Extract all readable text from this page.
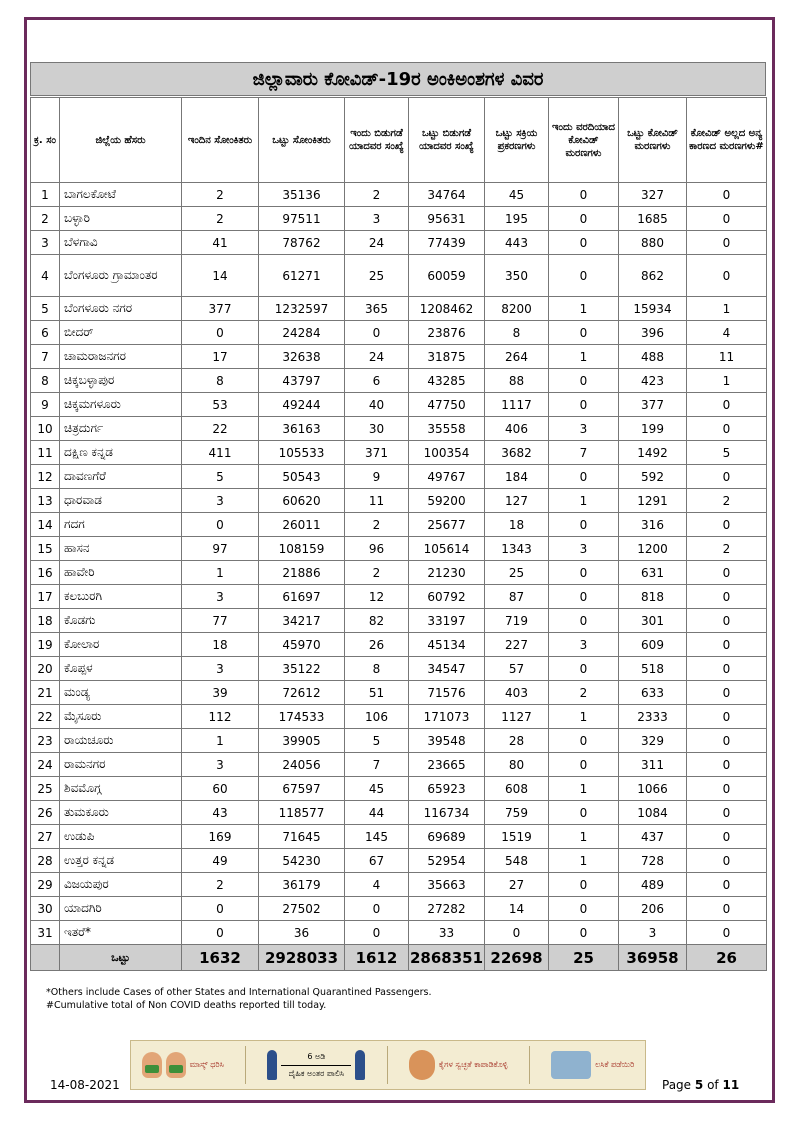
ಜಿಲ್ಲಾವಾರು ಕೋವಿಡ್-19ರ ಅಂಕಿಅಂಶಗಳ ವಿವರ
ಕ್ರ. ಸಂ	ಜಿಲ್ಲೆಯ ಹೆಸರು	ಇಂದಿನ ಸೋಂಕಿತರು	ಒಟ್ಟು ಸೋಂಕಿತರು	ಇಂದು ಬಿಡುಗಡೆ ಯಾದವರ ಸಂಖ್ಯೆ	ಒಟ್ಟು ಬಿಡುಗಡೆ ಯಾದವರ ಸಂಖ್ಯೆ	ಒಟ್ಟು ಸಕ್ರಿಯ ಪ್ರಕರಣಗಳು	ಇಂದು ವರದಿಯಾದ ಕೋವಿಡ್ ಮರಣಗಳು	ಒಟ್ಟು ಕೋವಿಡ್ ಮರಣಗಳು	ಕೋವಿಡ್ ಅಲ್ಲದ ಅನ್ಯ ಕಾರಣದ ಮರಣಗಳು#
1	ಬಾಗಲಕೋಟೆ	2	35136	2	34764	45	0	327	0
2	ಬಳ್ಳಾರಿ	2	97511	3	95631	195	0	1685	0
3	ಬೆಳಗಾವಿ	41	78762	24	77439	443	0	880	0
4	ಬೆಂಗಳೂರು ಗ್ರಾಮಾಂತರ	14	61271	25	60059	350	0	862	0
5	ಬೆಂಗಳೂರು ನಗರ	377	1232597	365	1208462	8200	1	15934	1
6	ಬೀದರ್	0	24284	0	23876	8	0	396	4
7	ಚಾಮರಾಜನಗರ	17	32638	24	31875	264	1	488	11
8	ಚಿಕ್ಕಬಳ್ಳಾಪುರ	8	43797	6	43285	88	0	423	1
9	ಚಿಕ್ಕಮಗಳೂರು	53	49244	40	47750	1117	0	377	0
10	ಚಿತ್ರದುರ್ಗ	22	36163	30	35558	406	3	199	0
11	ದಕ್ಷಿಣ ಕನ್ನಡ	411	105533	371	100354	3682	7	1492	5
12	ದಾವಣಗೆರೆ	5	50543	9	49767	184	0	592	0
13	ಧಾರವಾಡ	3	60620	11	59200	127	1	1291	2
14	ಗದಗ	0	26011	2	25677	18	0	316	0
15	ಹಾಸನ	97	108159	96	105614	1343	3	1200	2
16	ಹಾವೇರಿ	1	21886	2	21230	25	0	631	0
17	ಕಲಬುರಗಿ	3	61697	12	60792	87	0	818	0
18	ಕೊಡಗು	77	34217	82	33197	719	0	301	0
19	ಕೋಲಾರ	18	45970	26	45134	227	3	609	0
20	ಕೊಪ್ಪಳ	3	35122	8	34547	57	0	518	0
21	ಮಂಡ್ಯ	39	72612	51	71576	403	2	633	0
22	ಮೈಸೂರು	112	174533	106	171073	1127	1	2333	0
23	ರಾಯಚೂರು	1	39905	5	39548	28	0	329	0
24	ರಾಮನಗರ	3	24056	7	23665	80	0	311	0
25	ಶಿವಮೊಗ್ಗ	60	67597	45	65923	608	1	1066	0
26	ತುಮಕೂರು	43	118577	44	116734	759	0	1084	0
27	ಉಡುಪಿ	169	71645	145	69689	1519	1	437	0
28	ಉತ್ತರ ಕನ್ನಡ	49	54230	67	52954	548	1	728	0
29	ವಿಜಯಪುರ	2	36179	4	35663	27	0	489	0
30	ಯಾದಗಿರಿ	0	27502	0	27282	14	0	206	0
31	ಇತರೆ*	0	36	0	33	0	0	3	0
	ಒಟ್ಟು	1632	2928033	1612	2868351	22698	25	36958	26
*Others include Cases of other States and International Quarantined Passengers.
#Cumulative total of Non COVID deaths reported till today.
ಮಾಸ್ಕ್ ಧರಿಸಿ
6 ಅಡಿ
ದೈಹಿಕ ಅಂತರ ಪಾಲಿಸಿ
ಕೈಗಳ ಸ್ವಚ್ಛತೆ ಕಾಪಾಡಿಕೊಳ್ಳಿ	ಲಸಿಕೆ ಪಡೆಯಿರಿ
14-08-2021	Page 5 of 11
